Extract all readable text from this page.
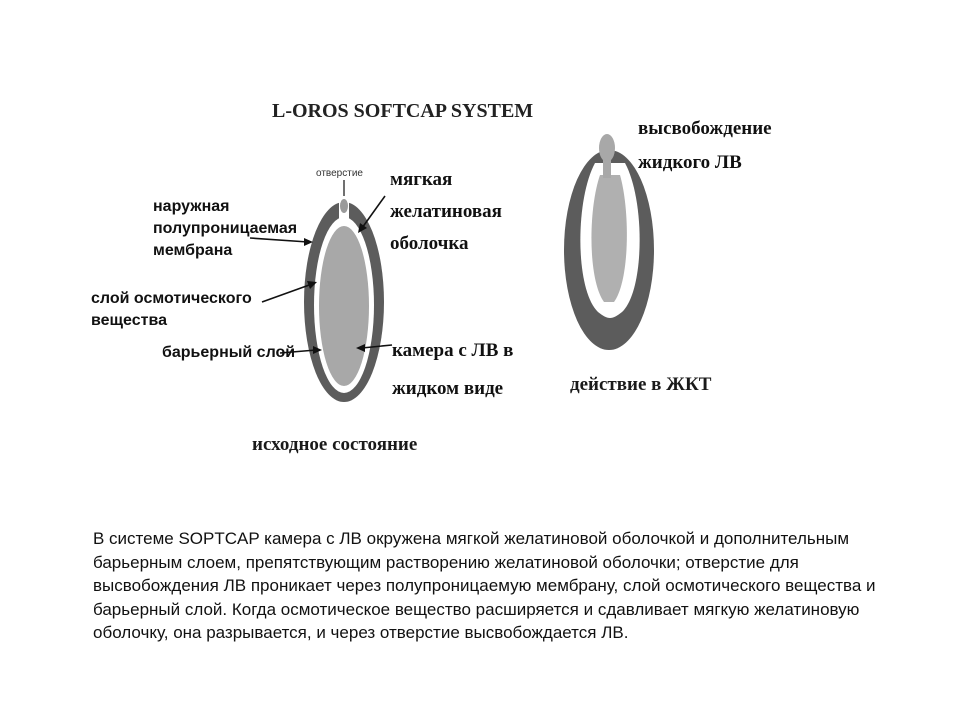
L-OROS SOFTCAP SYSTEM
отверстие
наружная
полупроницаемая
мембрана
слой осмотического
вещества
барьерный слой
мягкая
желатиновая
оболочка
камера с ЛВ в
жидком виде
исходное состояние
высвобождение
жидкого ЛВ
действие в ЖКТ
В системе SOPTCAP камера с ЛВ окружена мягкой желатиновой оболочкой и дополнительным барьерным слоем, препятствующим растворению желатиновой оболочки; отверстие для высвобождения ЛВ проникает через полупроницаемую мембрану, слой осмотического вещества и барьерный слой. Когда осмотическое вещество расширяется и сдавливает мягкую желатиновую оболочку, она разрывается, и через отверстие высвобождается ЛВ.
